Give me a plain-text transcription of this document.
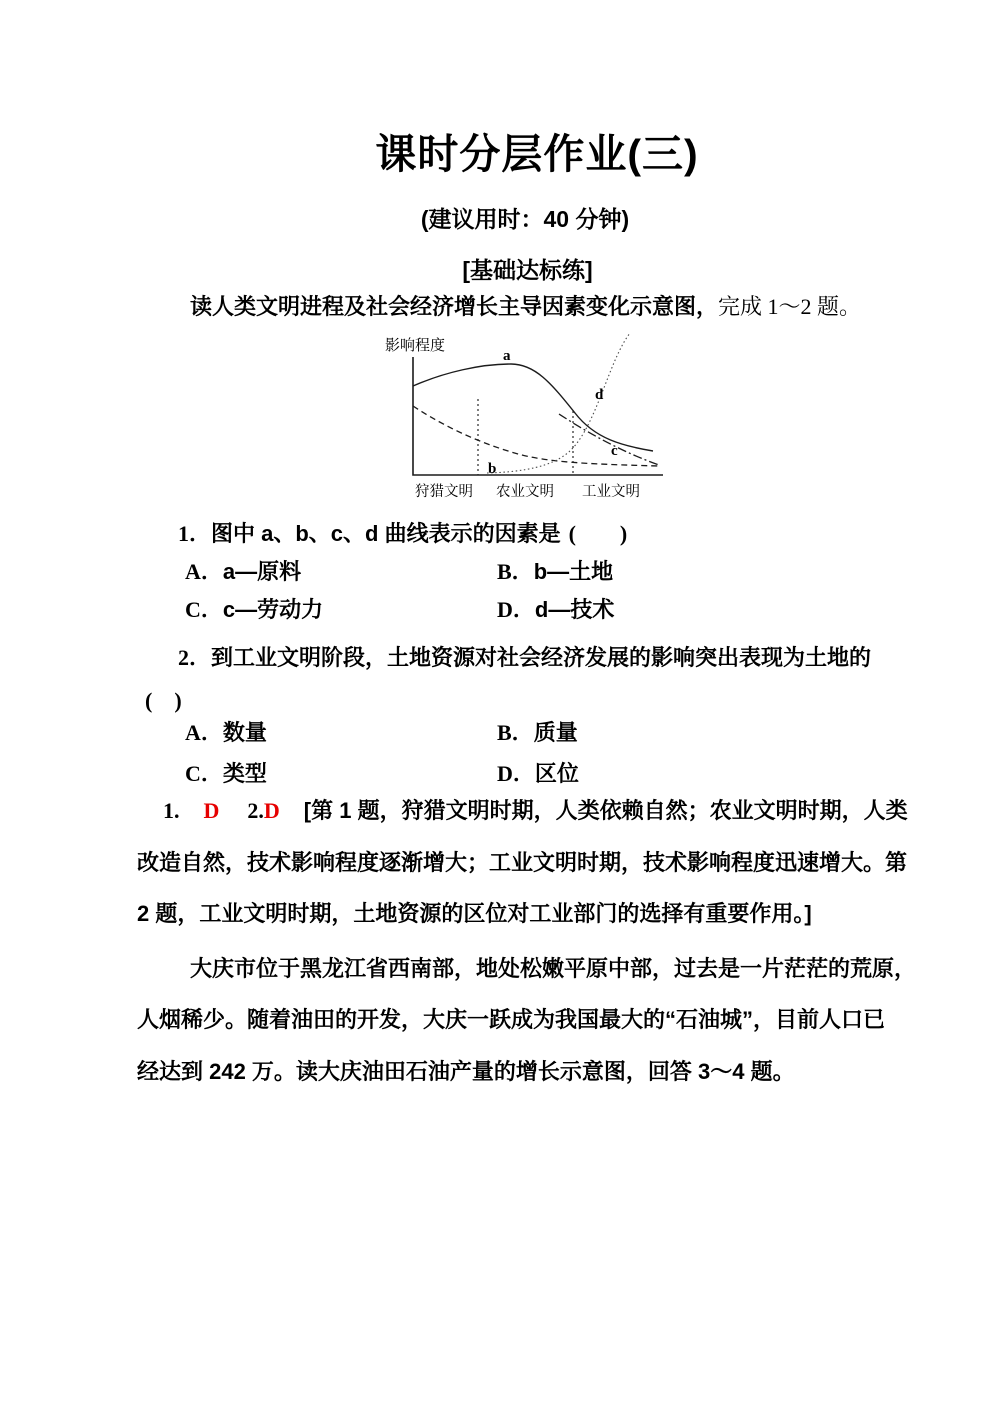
课时分层作业(三)
(建议用时：40 分钟)
[基础达标练]
读人类文明进程及社会经济增长主导因素变化示意图，完成 1～2 题。
影响程度
a
b
c
d
狩猎文明 农业文明 工业文明
1．图中 a、b、c、d 曲线表示的因素是 (　　)
A．a—原料	B．b—土地
C．c—劳动力	D．d—技术
2．到工业文明阶段，土地资源对社会经济发展的影响突出表现为土地的
(　)
A．数量	B．质量
C．类型	D．区位
1. D 2.D [第 1 题，狩猎文明时期，人类依赖自然；农业文明时期，人类
改造自然，技术影响程度逐渐增大；工业文明时期，技术影响程度迅速增大。第
2 题，工业文明时期，土地资源的区位对工业部门的选择有重要作用。]
大庆市位于黑龙江省西南部，地处松嫩平原中部，过去是一片茫茫的荒原，
人烟稀少。随着油田的开发，大庆一跃成为我国最大的“石油城”，目前人口已
经达到 242 万。读大庆油田石油产量的增长示意图，回答 3～4 题。
